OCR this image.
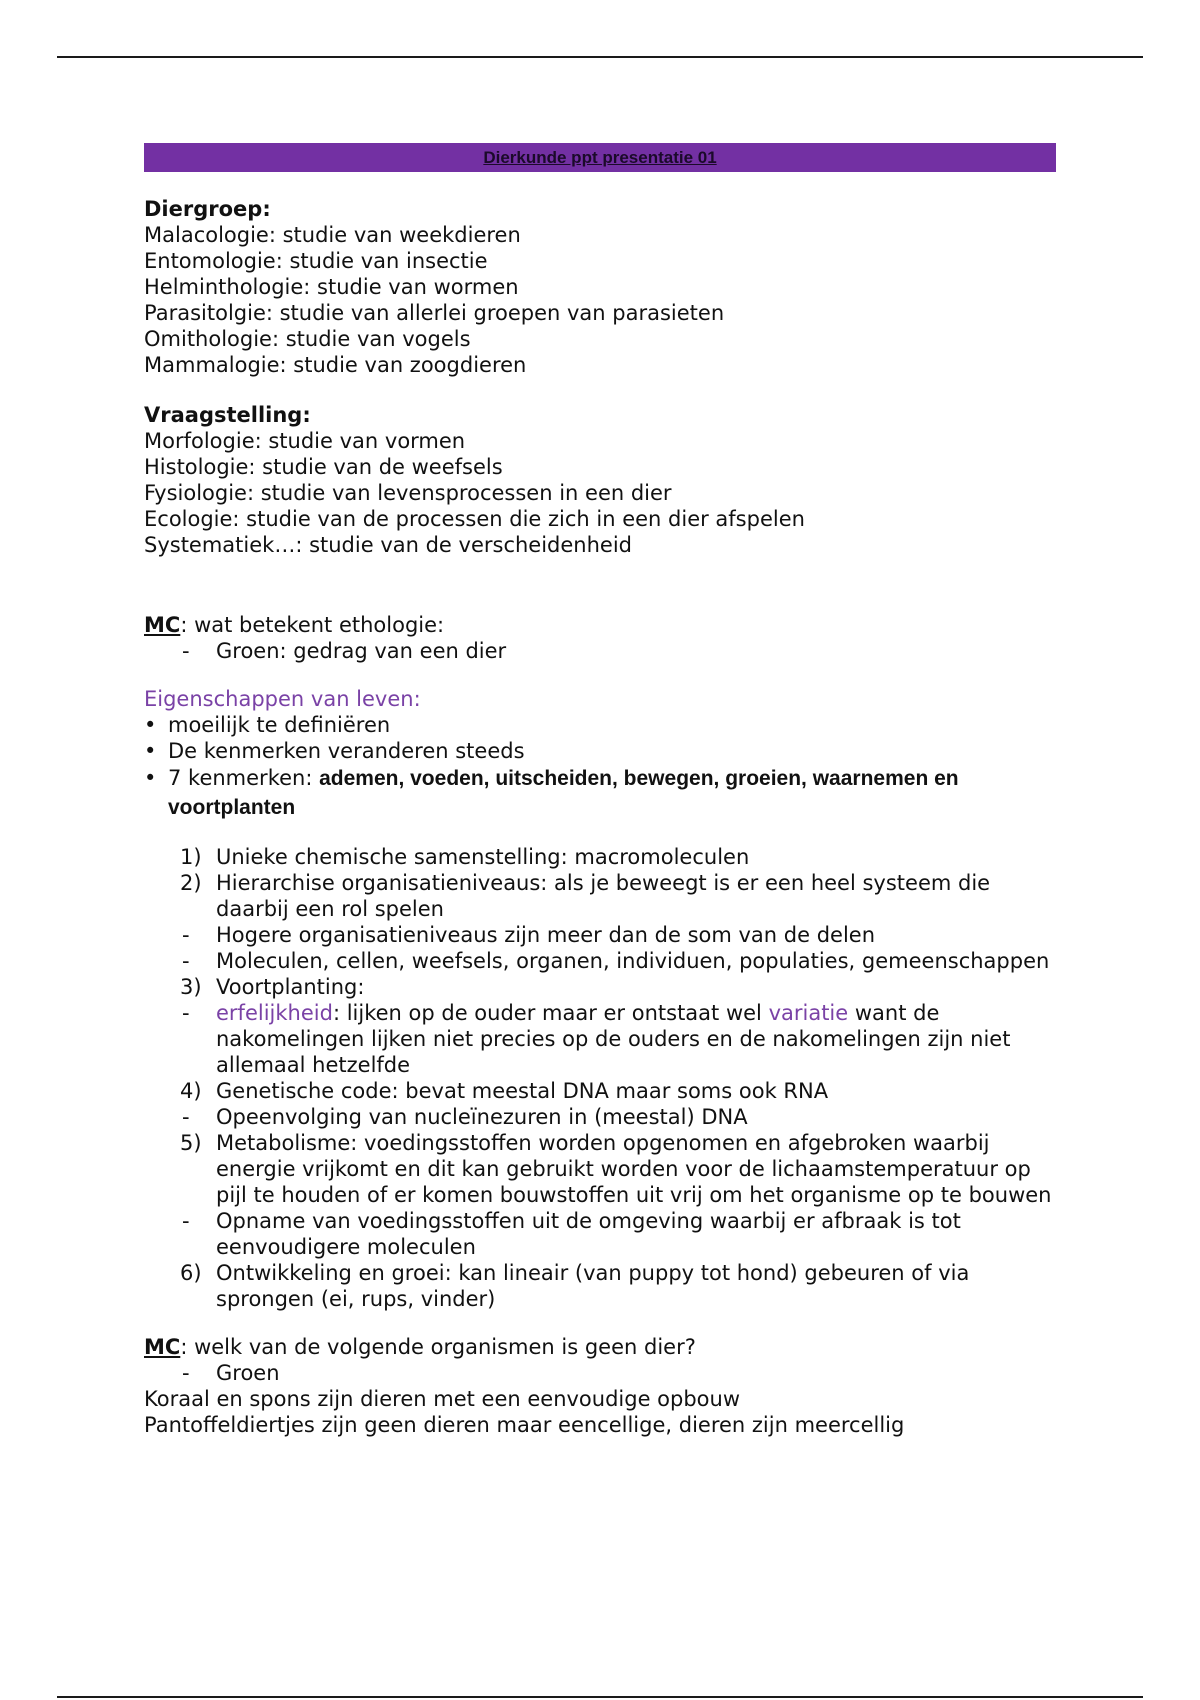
Dierkunde ppt presentatie 01
Diergroep:
Malacologie: studie van weekdieren
Entomologie: studie van insectie
Helminthologie: studie van wormen
Parasitolgie: studie van allerlei groepen van parasieten
Omithologie: studie van vogels
Mammalogie: studie van zoogdieren
Vraagstelling:
Morfologie: studie van vormen
Histologie: studie van de weefsels
Fysiologie: studie van levensprocessen in een dier
Ecologie: studie van de processen die zich in een dier afspelen
Systematiek…: studie van de verscheidenheid
MC: wat betekent ethologie:
-	Groen: gedrag van een dier
Eigenschappen van leven:
• moeilijk te definiëren
• De kenmerken veranderen steeds
• 7 kenmerken: ademen, voeden, uitscheiden, bewegen, groeien, waarnemen en voortplanten
1) Unieke chemische samenstelling: macromoleculen
2) Hierarchise organisatieniveaus: als je beweegt is er een heel systeem die daarbij een rol spelen
-	Hogere organisatieniveaus zijn meer dan de som van de delen
-	Moleculen, cellen, weefsels, organen, individuen, populaties, gemeenschappen
3) Voortplanting:
-	erfelijkheid: lijken op de ouder maar er ontstaat wel variatie want de nakomelingen lijken niet precies op de ouders en de nakomelingen zijn niet allemaal hetzelfde
4) Genetische code: bevat meestal DNA maar soms ook RNA
-	Opeenvolging van nucleïnezuren in (meestal) DNA
5) Metabolisme: voedingsstoffen worden opgenomen en afgebroken waarbij energie vrijkomt en dit kan gebruikt worden voor de lichaamstemperatuur op pijl te houden of er komen bouwstoffen uit vrij om het organisme op te bouwen
-	Opname van voedingsstoffen uit de omgeving waarbij er afbraak is tot eenvoudigere moleculen
6) Ontwikkeling en groei: kan lineair (van puppy tot hond) gebeuren of via sprongen (ei, rups, vinder)
MC: welk van de volgende organismen is geen dier?
-	Groen
Koraal en spons zijn dieren met een eenvoudige opbouw
Pantoffeldiertjes zijn geen dieren maar eencellige, dieren zijn meercellig
